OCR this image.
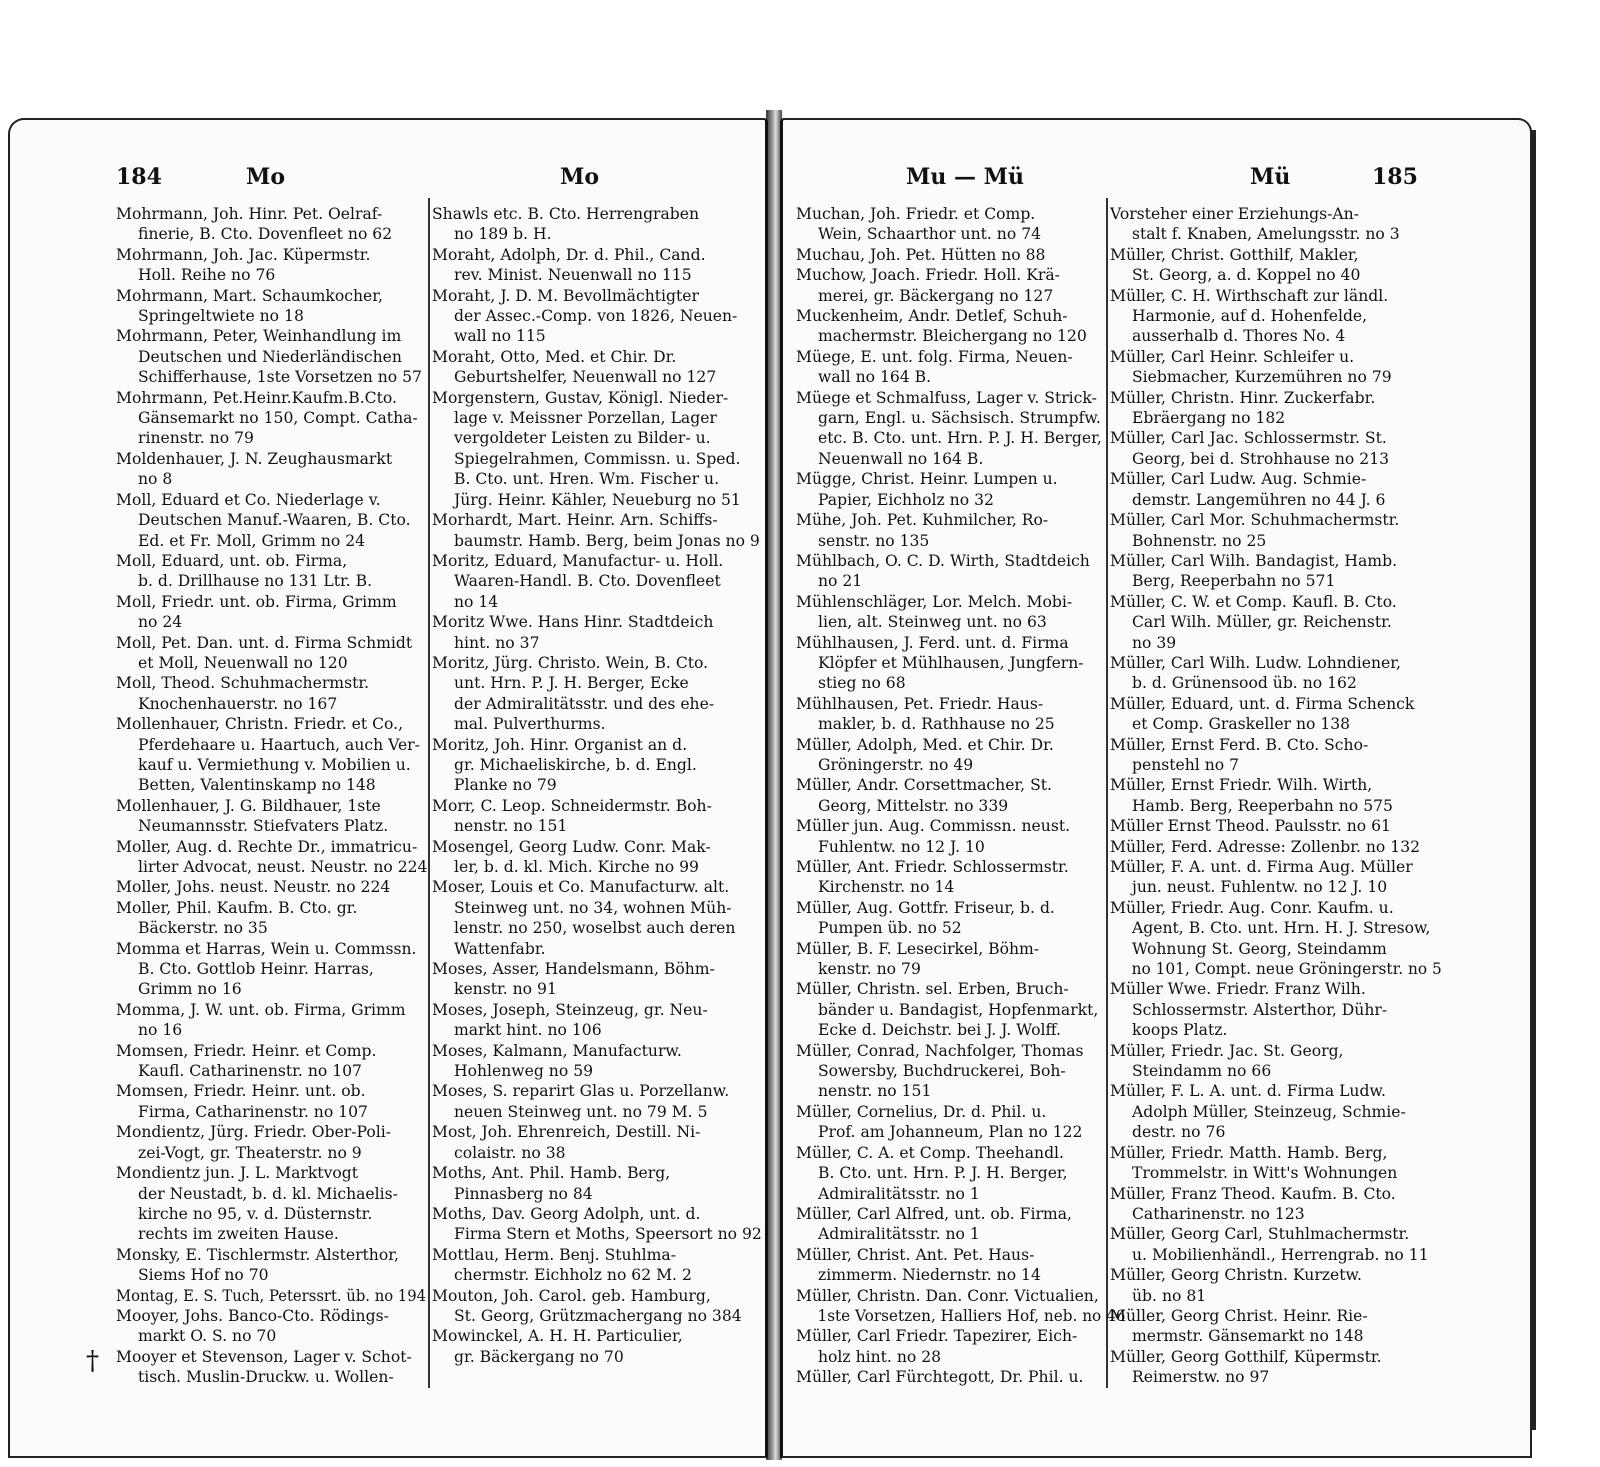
184	Mo	Mo	Mu — Mü	Mü	185
Mohrmann, Joh. Hinr. Pet. Oelraf-
finerie, B. Cto. Dovenfleet no 62
Mohrmann, Joh. Jac. Küpermstr.
Holl. Reihe no 76
Mohrmann, Mart. Schaumkocher,
Springeltwiete no 18
Mohrmann, Peter, Weinhandlung im
Deutschen und Niederländischen
Schifferhause, 1ste Vorsetzen no 57
Mohrmann, Pet.Heinr.Kaufm.B.Cto.
Gänsemarkt no 150, Compt. Catha-
rinenstr. no 79
Moldenhauer, J. N. Zeughausmarkt
no 8
Moll, Eduard et Co. Niederlage v.
Deutschen Manuf.-Waaren, B. Cto.
Ed. et Fr. Moll, Grimm no 24
Moll, Eduard, unt. ob. Firma,
b. d. Drillhause no 131 Ltr. B.
Moll, Friedr. unt. ob. Firma, Grimm
no 24
Moll, Pet. Dan. unt. d. Firma Schmidt
et Moll, Neuenwall no 120
Moll, Theod. Schuhmachermstr.
Knochenhauerstr. no 167
Mollenhauer, Christn. Friedr. et Co.,
Pferdehaare u. Haartuch, auch Ver-
kauf u. Vermiethung v. Mobilien u.
Betten, Valentinskamp no 148
Mollenhauer, J. G. Bildhauer, 1ste
Neumannsstr. Stiefvaters Platz.
Moller, Aug. d. Rechte Dr., immatricu-
lirter Advocat, neust. Neustr. no 224
Moller, Johs. neust. Neustr. no 224
Moller, Phil. Kaufm. B. Cto. gr.
Bäckerstr. no 35
Momma et Harras, Wein u. Commssn.
B. Cto. Gottlob Heinr. Harras,
Grimm no 16
Momma, J. W. unt. ob. Firma, Grimm
no 16
Momsen, Friedr. Heinr. et Comp.
Kaufl. Catharinenstr. no 107
Momsen, Friedr. Heinr. unt. ob.
Firma, Catharinenstr. no 107
Mondientz, Jürg. Friedr. Ober-Poli-
zei-Vogt, gr. Theaterstr. no 9
Mondientz jun. J. L. Marktvogt
der Neustadt, b. d. kl. Michaelis-
kirche no 95, v. d. Düsternstr.
rechts im zweiten Hause.
Monsky, E. Tischlermstr. Alsterthor,
Siems Hof no 70
Montag, E. S. Tuch, Peterssrt. üb. no 194
Mooyer, Johs. Banco-Cto. Rödings-
markt O. S. no 70
Mooyer et Stevenson, Lager v. Schot-
tisch. Muslin-Druckw. u. Wollen-
Shawls etc. B. Cto. Herrengraben
no 189 b. H.
Moraht, Adolph, Dr. d. Phil., Cand.
rev. Minist. Neuenwall no 115
Moraht, J. D. M. Bevollmächtigter
der Assec.-Comp. von 1826, Neuen-
wall no 115
Moraht, Otto, Med. et Chir. Dr.
Geburtshelfer, Neuenwall no 127
Morgenstern, Gustav, Königl. Nieder-
lage v. Meissner Porzellan, Lager
vergoldeter Leisten zu Bilder- u.
Spiegelrahmen, Commissn. u. Sped.
B. Cto. unt. Hren. Wm. Fischer u.
Jürg. Heinr. Kähler, Neueburg no 51
Morhardt, Mart. Heinr. Arn. Schiffs-
baumstr. Hamb. Berg, beim Jonas no 9
Moritz, Eduard, Manufactur- u. Holl.
Waaren-Handl. B. Cto. Dovenfleet
no 14
Moritz Wwe. Hans Hinr. Stadtdeich
hint. no 37
Moritz, Jürg. Christo. Wein, B. Cto.
unt. Hrn. P. J. H. Berger, Ecke
der Admiralitätsstr. und des ehe-
mal. Pulverthurms.
Moritz, Joh. Hinr. Organist an d.
gr. Michaeliskirche, b. d. Engl.
Planke no 79
Morr, C. Leop. Schneidermstr. Boh-
nenstr. no 151
Mosengel, Georg Ludw. Conr. Mak-
ler, b. d. kl. Mich. Kirche no 99
Moser, Louis et Co. Manufacturw. alt.
Steinweg unt. no 34, wohnen Müh-
lenstr. no 250, woselbst auch deren
Wattenfabr.
Moses, Asser, Handelsmann, Böhm-
kenstr. no 91
Moses, Joseph, Steinzeug, gr. Neu-
markt hint. no 106
Moses, Kalmann, Manufacturw.
Hohlenweg no 59
Moses, S. reparirt Glas u. Porzellanw.
neuen Steinweg unt. no 79 M. 5
Most, Joh. Ehrenreich, Destill. Ni-
colaistr. no 38
Moths, Ant. Phil. Hamb. Berg,
Pinnasberg no 84
Moths, Dav. Georg Adolph, unt. d.
Firma Stern et Moths, Speersort no 92
Mottlau, Herm. Benj. Stuhlma-
chermstr. Eichholz no 62 M. 2
Mouton, Joh. Carol. geb. Hamburg,
St. Georg, Grützmachergang no 384
Mowinckel, A. H. H. Particulier,
gr. Bäckergang no 70
Muchan, Joh. Friedr. et Comp.
Wein, Schaarthor unt. no 74
Muchau, Joh. Pet. Hütten no 88
Muchow, Joach. Friedr. Holl. Krä-
merei, gr. Bäckergang no 127
Muckenheim, Andr. Detlef, Schuh-
machermstr. Bleichergang no 120
Müege, E. unt. folg. Firma, Neuen-
wall no 164 B.
Müege et Schmalfuss, Lager v. Strick-
garn, Engl. u. Sächsisch. Strumpfw.
etc. B. Cto. unt. Hrn. P. J. H. Berger,
Neuenwall no 164 B.
Mügge, Christ. Heinr. Lumpen u.
Papier, Eichholz no 32
Mühe, Joh. Pet. Kuhmilcher, Ro-
senstr. no 135
Mühlbach, O. C. D. Wirth, Stadtdeich
no 21
Mühlenschläger, Lor. Melch. Mobi-
lien, alt. Steinweg unt. no 63
Mühlhausen, J. Ferd. unt. d. Firma
Klöpfer et Mühlhausen, Jungfern-
stieg no 68
Mühlhausen, Pet. Friedr. Haus-
makler, b. d. Rathhause no 25
Müller, Adolph, Med. et Chir. Dr.
Gröningerstr. no 49
Müller, Andr. Corsettmacher, St.
Georg, Mittelstr. no 339
Müller jun. Aug. Commissn. neust.
Fuhlentw. no 12 J. 10
Müller, Ant. Friedr. Schlossermstr.
Kirchenstr. no 14
Müller, Aug. Gottfr. Friseur, b. d.
Pumpen üb. no 52
Müller, B. F. Lesecirkel, Böhm-
kenstr. no 79
Müller, Christn. sel. Erben, Bruch-
bänder u. Bandagist, Hopfenmarkt,
Ecke d. Deichstr. bei J. J. Wolff.
Müller, Conrad, Nachfolger, Thomas
Sowersby, Buchdruckerei, Boh-
nenstr. no 151
Müller, Cornelius, Dr. d. Phil. u.
Prof. am Johanneum, Plan no 122
Müller, C. A. et Comp. Theehandl.
B. Cto. unt. Hrn. P. J. H. Berger,
Admiralitätsstr. no 1
Müller, Carl Alfred, unt. ob. Firma,
Admiralitätsstr. no 1
Müller, Christ. Ant. Pet. Haus-
zimmerm. Niedernstr. no 14
Müller, Christn. Dan. Conr. Victualien,
1ste Vorsetzen, Halliers Hof, neb. no 46
Müller, Carl Friedr. Tapezirer, Eich-
holz hint. no 28
Müller, Carl Fürchtegott, Dr. Phil. u.
Vorsteher einer Erziehungs-An-
stalt f. Knaben, Amelungsstr. no 3
Müller, Christ. Gotthilf, Makler,
St. Georg, a. d. Koppel no 40
Müller, C. H. Wirthschaft zur ländl.
Harmonie, auf d. Hohenfelde,
ausserhalb d. Thores No. 4
Müller, Carl Heinr. Schleifer u.
Siebmacher, Kurzemühren no 79
Müller, Christn. Hinr. Zuckerfabr.
Ebräergang no 182
Müller, Carl Jac. Schlossermstr. St.
Georg, bei d. Strohhause no 213
Müller, Carl Ludw. Aug. Schmie-
demstr. Langemühren no 44 J. 6
Müller, Carl Mor. Schuhmachermstr.
Bohnenstr. no 25
Müller, Carl Wilh. Bandagist, Hamb.
Berg, Reeperbahn no 571
Müller, C. W. et Comp. Kaufl. B. Cto.
Carl Wilh. Müller, gr. Reichenstr.
no 39
Müller, Carl Wilh. Ludw. Lohndiener,
b. d. Grünensood üb. no 162
Müller, Eduard, unt. d. Firma Schenck
et Comp. Graskeller no 138
Müller, Ernst Ferd. B. Cto. Scho-
penstehl no 7
Müller, Ernst Friedr. Wilh. Wirth,
Hamb. Berg, Reeperbahn no 575
Müller Ernst Theod. Paulsstr. no 61
Müller, Ferd. Adresse: Zollenbr. no 132
Müller, F. A. unt. d. Firma Aug. Müller
jun. neust. Fuhlentw. no 12 J. 10
Müller, Friedr. Aug. Conr. Kaufm. u.
Agent, B. Cto. unt. Hrn. H. J. Stresow,
Wohnung St. Georg, Steindamm
no 101, Compt. neue Gröningerstr. no 5
Müller Wwe. Friedr. Franz Wilh.
Schlossermstr. Alsterthor, Dühr-
koops Platz.
Müller, Friedr. Jac. St. Georg,
Steindamm no 66
Müller, F. L. A. unt. d. Firma Ludw.
Adolph Müller, Steinzeug, Schmie-
destr. no 76
Müller, Friedr. Matth. Hamb. Berg,
Trommelstr. in Witt's Wohnungen
Müller, Franz Theod. Kaufm. B. Cto.
Catharinenstr. no 123
Müller, Georg Carl, Stuhlmachermstr.
u. Mobilienhändl., Herrengrab. no 11
Müller, Georg Christn. Kurzetw.
üb. no 81
Müller, Georg Christ. Heinr. Rie-
mermstr. Gänsemarkt no 148
Müller, Georg Gotthilf, Küpermstr.
Reimerstw. no 97
†
